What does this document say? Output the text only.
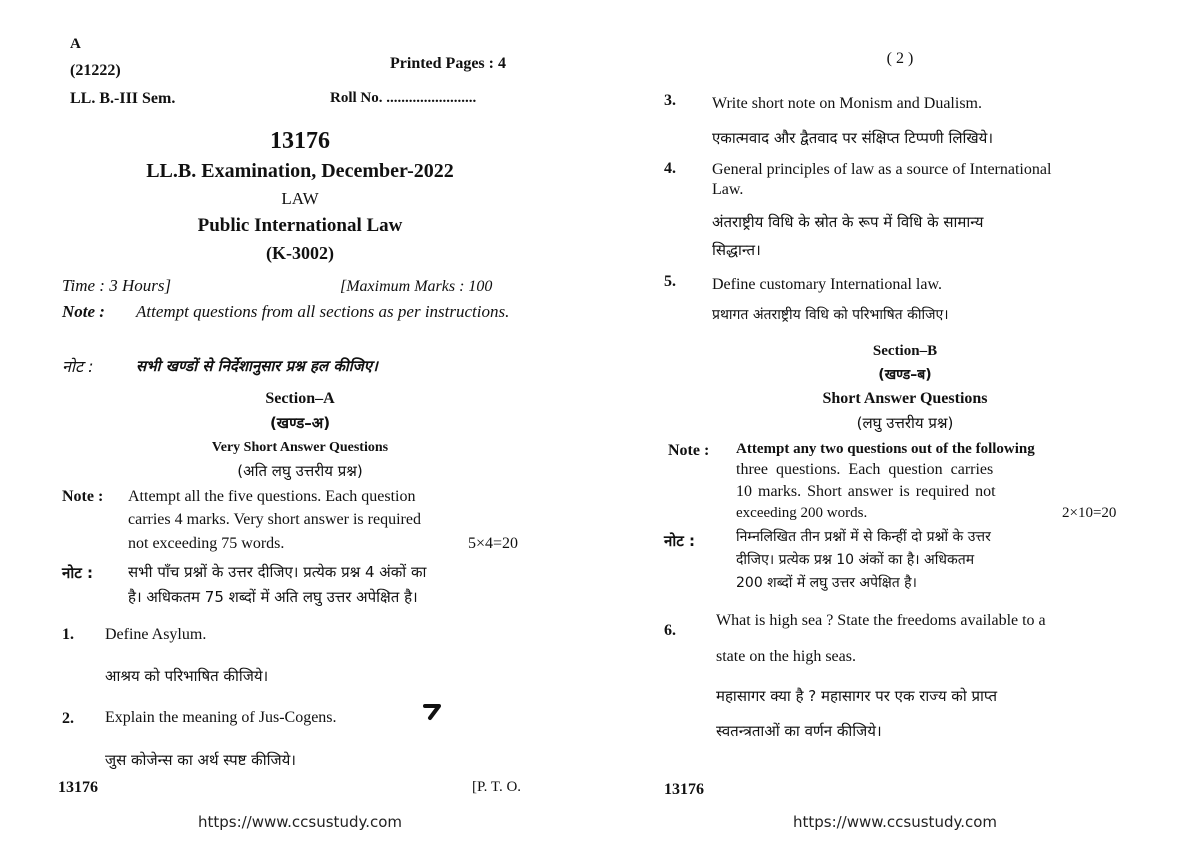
A
(21222)	Printed Pages : 4
LL. B.-III Sem.	Roll No. ........................
13176
LL.B. Examination, December-2022
LAW
Public International Law
(K-3002)
Time : 3 Hours]	[Maximum Marks : 100
Note : Attempt questions from all sections as per instructions.
नोट :	सभी खण्डों से निर्देशानुसार प्रश्न हल कीजिए।
Section–A
(खण्ड–अ)
Very Short Answer Questions
(अति लघु उत्तरीय प्रश्न)
Note : Attempt all the five questions. Each question
carries 4 marks. Very short answer is required
not exceeding 75 words.	5×4=20
नोट : सभी पाँच प्रश्नों के उत्तर दीजिए। प्रत्येक प्रश्न 4 अंकों का
है। अधिकतम 75 शब्दों में अति लघु उत्तर अपेक्षित है।
1. Define Asylum.
आश्रय को परिभाषित कीजिये।
2. Explain the meaning of Jus-Cogens.
जुस कोजेन्स का अर्थ स्पष्ट कीजिये।
13176	[P. T. O.
https://www.ccsustudy.com
( 2 )
3. Write short note on Monism and Dualism.
एकात्मवाद और द्वैतवाद पर संक्षिप्त टिप्पणी लिखिये।
4. General principles of law as a source of International
Law.
अंतराष्ट्रीय विधि के स्रोत के रूप में विधि के सामान्य
सिद्धान्त।
5. Define customary International law.
प्रथागत अंतराष्ट्रीय विधि को परिभाषित कीजिए।
Section–B
(खण्ड–ब)
Short Answer Questions
(लघु उत्तरीय प्रश्न)
Note : Attempt any two questions out of the following
three questions. Each question carries
10 marks. Short answer is required not
exceeding 200 words.	2×10=20
नोट :	निम्नलिखित तीन प्रश्नों में से किन्हीं दो प्रश्नों के उत्तर
दीजिए। प्रत्येक प्रश्न 10 अंकों का है। अधिकतम
200 शब्दों में लघु उत्तर अपेक्षित है।
6.
What is high sea ? State the freedoms available to a
state on the high seas.
महासागर क्या है ? महासागर पर एक राज्य को प्राप्त
स्वतन्त्रताओं का वर्णन कीजिये।
13176
https://www.ccsustudy.com
